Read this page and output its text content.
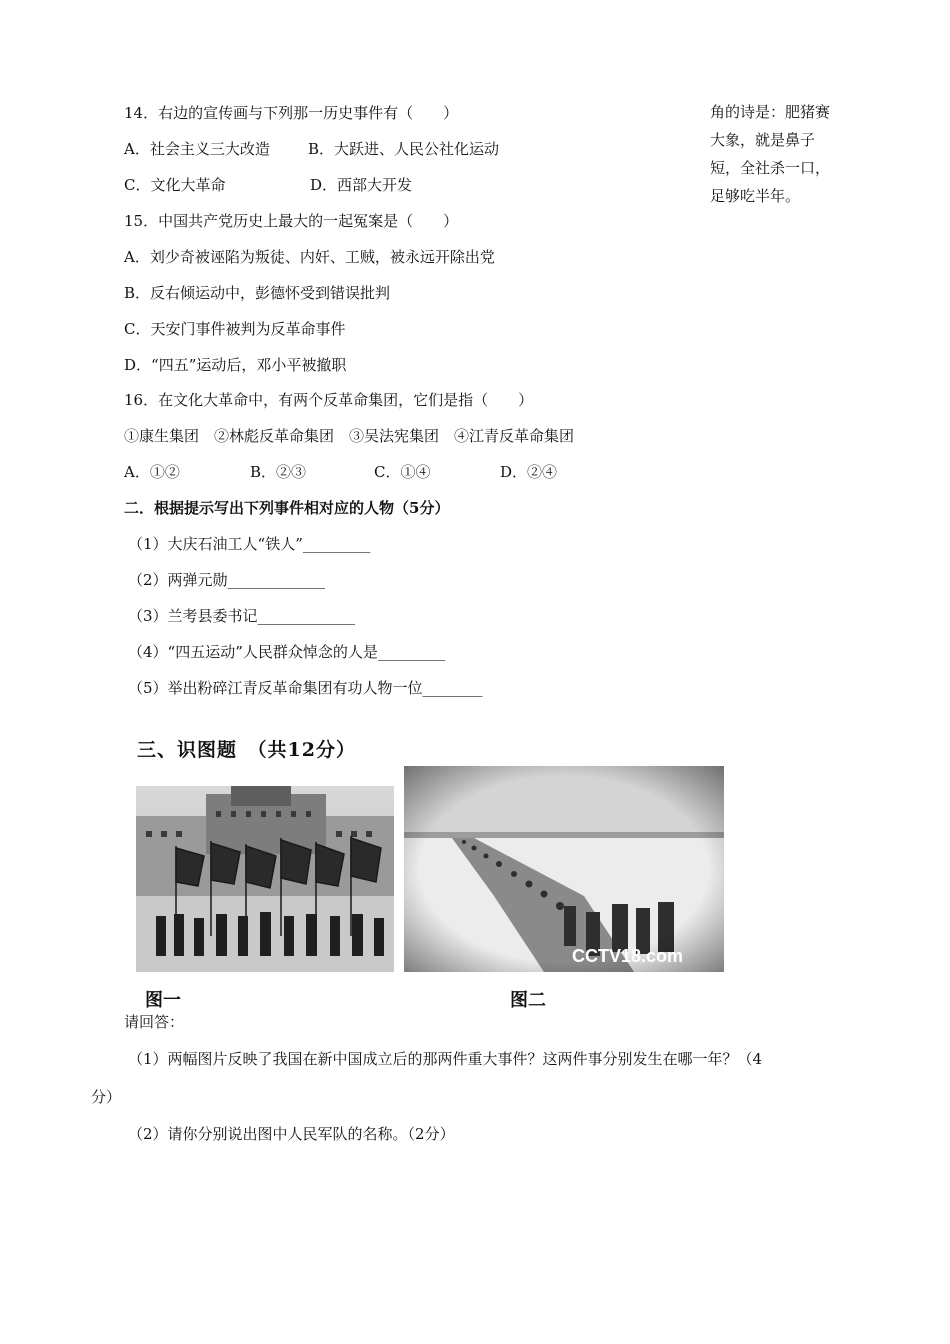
角的诗是：肥猪赛
大象，就是鼻子
短，全社杀一口，
足够吃半年。
14．右边的宣传画与下列那一历史事件有（　　）
A．社会主义三大改造	B．大跃进、人民公社化运动
C．文化大革命	D．西部大开发
15．中国共产党历史上最大的一起冤案是（　　）
A．刘少奇被诬陷为叛徒、内奸、工贼，被永远开除出党
B．反右倾运动中，彭德怀受到错误批判
C．天安门事件被判为反革命事件
D．“四五”运动后，邓小平被撤职
16．在文化大革命中，有两个反革命集团，它们是指（　　）
①康生集团　②林彪反革命集团　③吴法宪集团　④江青反革命集团
A．①②	B．②③	C．①④	D．②④
二．根据提示写出下列事件相对应的人物（5分）
（1）大庆石油工人“铁人”_________
（2）两弹元勋_____________
（3）兰考县委书记_____________
（4）“四五运动”人民群众悼念的人是_________
（5）举出粉碎江青反革命集团有功人物一位________
三、识图题　（共12分）
CCTV18.com
图一	图二
请回答：
（1）两幅图片反映了我国在新中国成立后的那两件重大事件？这两件事分别发生在哪一年？（4
分）
（2）请你分别说出图中人民军队的名称。（2分）
